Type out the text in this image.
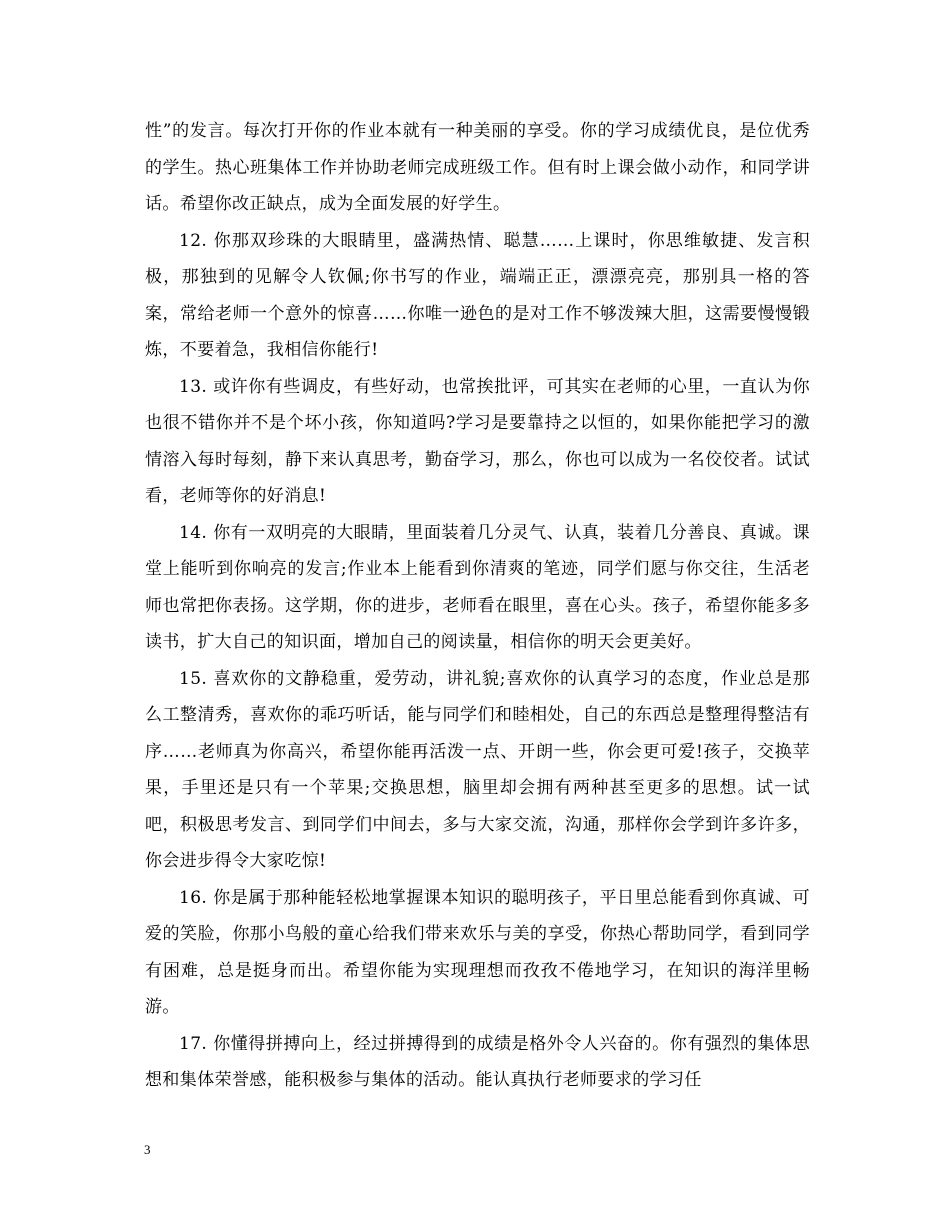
性”的发言。每次打开你的作业本就有一种美丽的享受。你的学习成绩优良，是位优秀的学生。热心班集体工作并协助老师完成班级工作。但有时上课会做小动作，和同学讲话。希望你改正缺点，成为全面发展的好学生。

12. 你那双珍珠的大眼睛里，盛满热情、聪慧……上课时，你思维敏捷、发言积极，那独到的见解令人钦佩;你书写的作业，端端正正，漂漂亮亮，那别具一格的答案，常给老师一个意外的惊喜……你唯一逊色的是对工作不够泼辣大胆，这需要慢慢锻炼，不要着急，我相信你能行!

13. 或许你有些调皮，有些好动，也常挨批评，可其实在老师的心里，一直认为你也很不错你并不是个坏小孩，你知道吗?学习是要靠持之以恒的，如果你能把学习的激情溶入每时每刻，静下来认真思考，勤奋学习，那么，你也可以成为一名佼佼者。试试看，老师等你的好消息!

14. 你有一双明亮的大眼睛，里面装着几分灵气、认真，装着几分善良、真诚。课堂上能听到你响亮的发言;作业本上能看到你清爽的笔迹，同学们愿与你交往，生活老师也常把你表扬。这学期，你的进步，老师看在眼里，喜在心头。孩子，希望你能多多读书，扩大自己的知识面，增加自己的阅读量，相信你的明天会更美好。

15. 喜欢你的文静稳重，爱劳动，讲礼貌;喜欢你的认真学习的态度，作业总是那么工整清秀，喜欢你的乖巧听话，能与同学们和睦相处，自己的东西总是整理得整洁有序……老师真为你高兴，希望你能再活泼一点、开朗一些，你会更可爱!孩子，交换苹果，手里还是只有一个苹果;交换思想，脑里却会拥有两种甚至更多的思想。试一试吧，积极思考发言、到同学们中间去，多与大家交流，沟通，那样你会学到许多许多，你会进步得令大家吃惊!

16. 你是属于那种能轻松地掌握课本知识的聪明孩子，平日里总能看到你真诚、可爱的笑脸，你那小鸟般的童心给我们带来欢乐与美的享受，你热心帮助同学，看到同学有困难，总是挺身而出。希望你能为实现理想而孜孜不倦地学习，在知识的海洋里畅游。

17. 你懂得拼搏向上，经过拼搏得到的成绩是格外令人兴奋的。你有强烈的集体思想和集体荣誉感，能积极参与集体的活动。能认真执行老师要求的学习任

3
